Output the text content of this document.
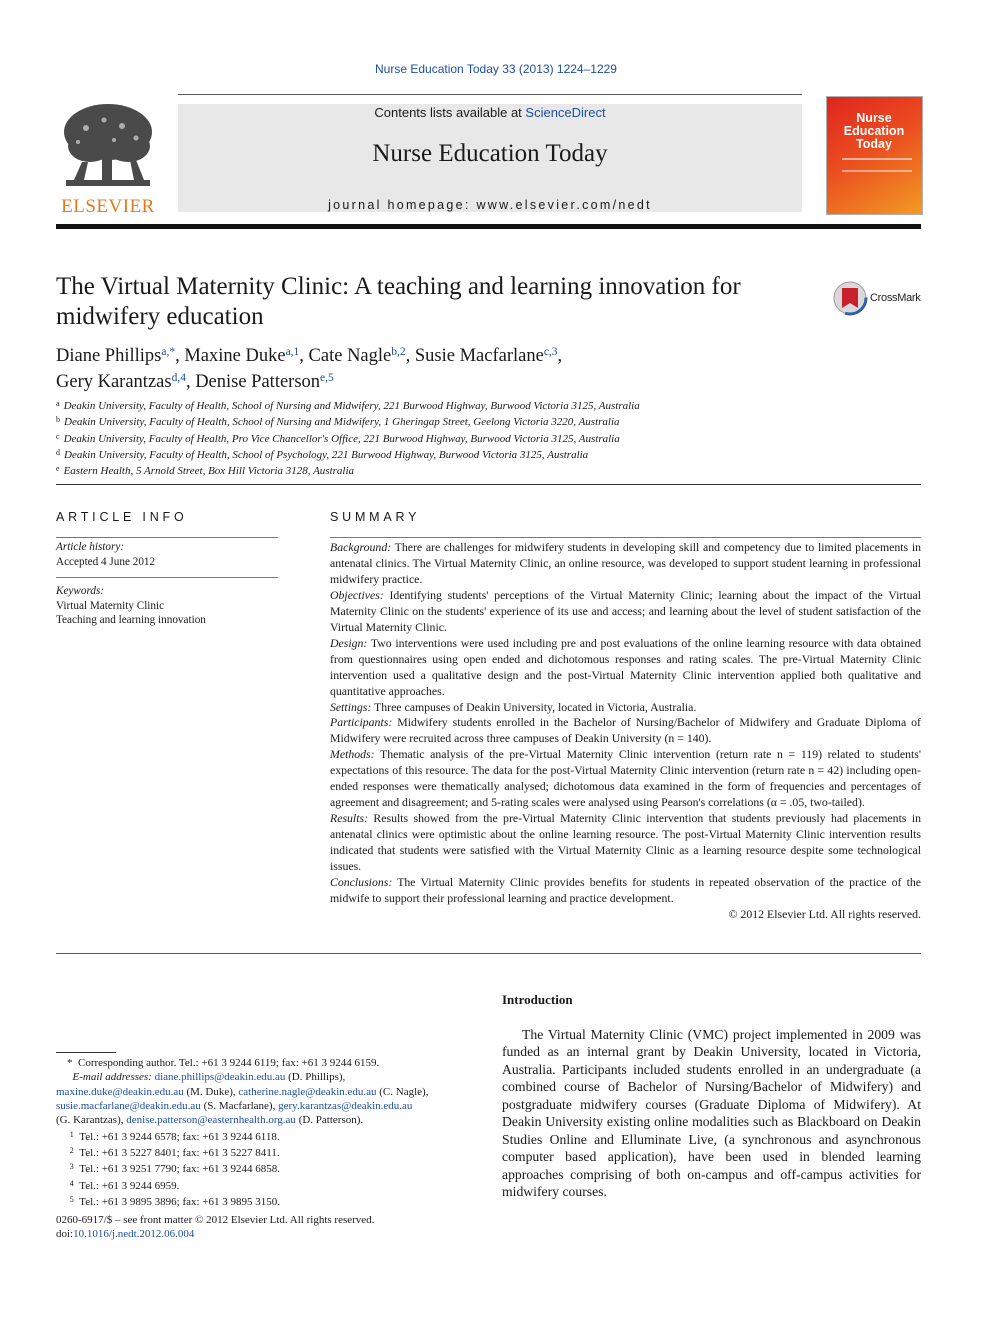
Nurse Education Today 33 (2013) 1224–1229
ELSEVIER
Contents lists available at ScienceDirect
Nurse Education Today
journal homepage: www.elsevier.com/nedt
Nurse Education Today
The Virtual Maternity Clinic: A teaching and learning innovation for midwifery education
CrossMark
Diane Phillips$^{a,*}$, Maxine Duke$^{a,1}$, Cate Nagle$^{b,2}$, Susie Macfarlane$^{c,3}$,
Gery Karantzas$^{d,4}$, Denise Patterson$^{e,5}$
$^a$ Deakin University, Faculty of Health, School of Nursing and Midwifery, 221 Burwood Highway, Burwood Victoria 3125, Australia
$^b$ Deakin University, Faculty of Health, School of Nursing and Midwifery, 1 Gheringap Street, Geelong Victoria 3220, Australia
$^c$ Deakin University, Faculty of Health, Pro Vice Chancellor's Office, 221 Burwood Highway, Burwood Victoria 3125, Australia
$^d$ Deakin University, Faculty of Health, School of Psychology, 221 Burwood Highway, Burwood Victoria 3125, Australia
$^e$ Eastern Health, 5 Arnold Street, Box Hill Victoria 3128, Australia
ARTICLE INFO
Article history:
Accepted 4 June 2012
Keywords:
Virtual Maternity Clinic
Teaching and learning innovation
SUMMARY

Background: There are challenges for midwifery students in developing skill and competency due to limited placements in antenatal clinics. The Virtual Maternity Clinic, an online resource, was developed to support student learning in professional midwifery practice.

Objectives: Identifying students' perceptions of the Virtual Maternity Clinic; learning about the impact of the Virtual Maternity Clinic on the students' experience of its use and access; and learning about the level of student satisfaction of the Virtual Maternity Clinic.

Design: Two interventions were used including pre and post evaluations of the online learning resource with data obtained from questionnaires using open ended and dichotomous responses and rating scales. The pre-Virtual Maternity Clinic intervention used a qualitative design and the post-Virtual Maternity Clinic intervention applied both qualitative and quantitative approaches.

Settings: Three campuses of Deakin University, located in Victoria, Australia.

Participants: Midwifery students enrolled in the Bachelor of Nursing/Bachelor of Midwifery and Graduate Diploma of Midwifery were recruited across three campuses of Deakin University (n = 140).

Methods: Thematic analysis of the pre-Virtual Maternity Clinic intervention (return rate n = 119) related to students' expectations of this resource. The data for the post-Virtual Maternity Clinic intervention (return rate n = 42) including open-ended responses were thematically analysed; dichotomous data examined in the form of frequencies and percentages of agreement and disagreement; and 5-rating scales were analysed using Pearson's correlations (α = .05, two-tailed).

Results: Results showed from the pre-Virtual Maternity Clinic intervention that students previously had placements in antenatal clinics were optimistic about the online learning resource. The post-Virtual Maternity Clinic intervention results indicated that students were satisfied with the Virtual Maternity Clinic as a learning resource despite some technological issues.

Conclusions: The Virtual Maternity Clinic provides benefits for students in repeated observation of the practice of the midwife to support their professional learning and practice development.

© 2012 Elsevier Ltd. All rights reserved.

Introduction
The Virtual Maternity Clinic (VMC) project implemented in 2009 was funded as an internal grant by Deakin University, located in Victoria, Australia. Participants included students enrolled in an undergraduate (a combined course of Bachelor of Nursing/Bachelor of Midwifery) and postgraduate midwifery courses (Graduate Diploma of Midwifery). At Deakin University existing online modalities such as Blackboard on Deakin Studies Online and Elluminate Live, (a synchronous and asynchronous computer based application), have been used in blended learning approaches comprising of both on-campus and off-campus activities for midwifery courses.
*  Corresponding author. Tel.: +61 3 9244 6119; fax: +61 3 9244 6159.
E-mail addresses: diane.phillips@deakin.edu.au (D. Phillips),
maxine.duke@deakin.edu.au (M. Duke), catherine.nagle@deakin.edu.au (C. Nagle),
susie.macfarlane@deakin.edu.au (S. Macfarlane), gery.karantzas@deakin.edu.au
(G. Karantzas), denise.patterson@easternhealth.org.au (D. Patterson).
$^1$ Tel.: +61 3 9244 6578; fax: +61 3 9244 6118.
$^2$ Tel.: +61 3 5227 8401; fax: +61 3 5227 8411.
$^3$ Tel.: +61 3 9251 7790; fax: +61 3 9244 6858.
$^4$ Tel.: +61 3 9244 6959.
$^5$ Tel.: +61 3 9895 3896; fax: +61 3 9895 3150.
0260-6917/$ – see front matter © 2012 Elsevier Ltd. All rights reserved.
doi:10.1016/j.nedt.2012.06.004
